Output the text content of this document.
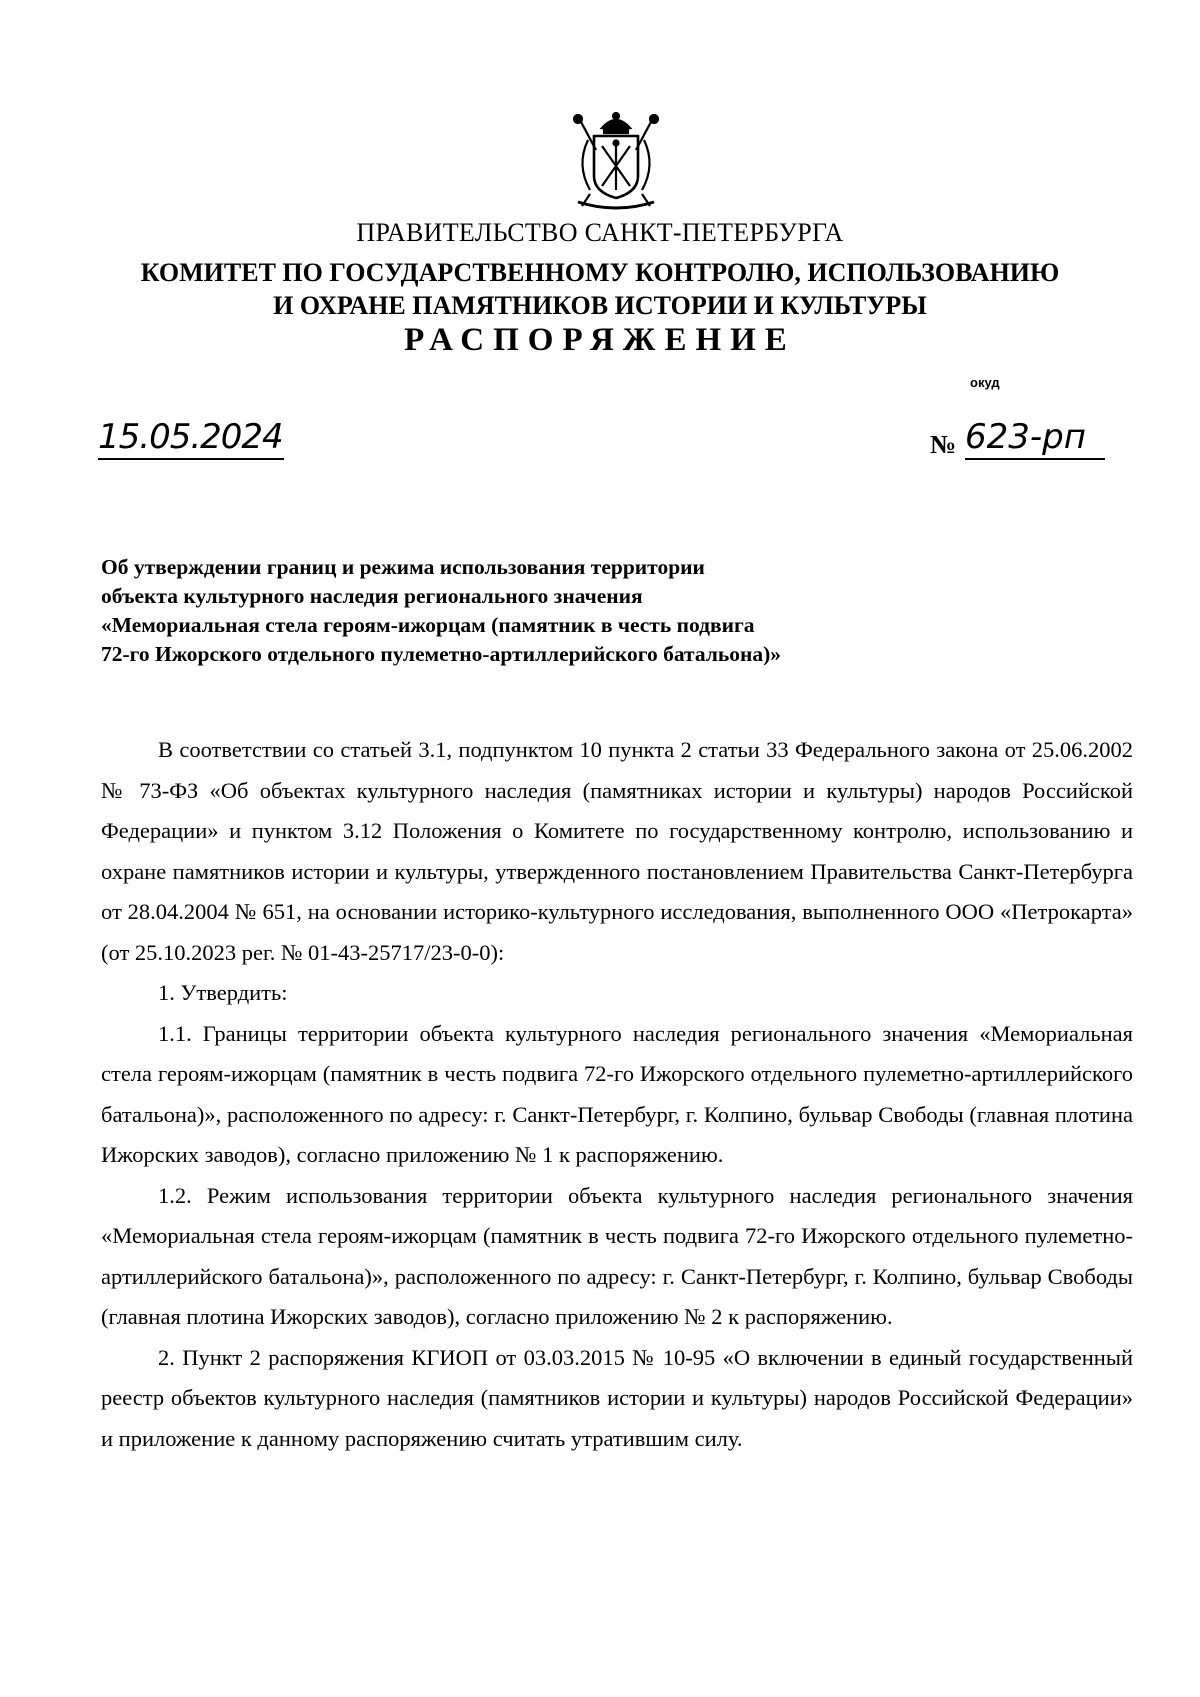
ПРАВИТЕЛЬСТВО САНКТ-ПЕТЕРБУРГА
КОМИТЕТ ПО ГОСУДАРСТВЕННОМУ КОНТРОЛЮ, ИСПОЛЬЗОВАНИЮ
И ОХРАНЕ ПАМЯТНИКОВ ИСТОРИИ И КУЛЬТУРЫ
РАСПОРЯЖЕНИЕ
окуд
15.05.2024	№ 623-рп
Об утверждении границ и режима использования территории
объекта культурного наследия регионального значения
«Мемориальная стела героям-ижорцам (памятник в честь подвига
72-го Ижорского отдельного пулеметно-артиллерийского батальона)»

В соответствии со статьей 3.1, подпунктом 10 пункта 2 статьи 33 Федерального закона от 25.06.2002 № 73-ФЗ «Об объектах культурного наследия (памятниках истории и культуры) народов Российской Федерации» и пунктом 3.12 Положения о Комитете по государственному контролю, использованию и охране памятников истории и культуры, утвержденного постановлением Правительства Санкт-Петербурга от 28.04.2004 № 651, на основании историко-культурного исследования, выполненного ООО «Петрокарта» (от 25.10.2023 рег. № 01-43-25717/23-0-0):

1. Утвердить:

1.1. Границы территории объекта культурного наследия регионального значения «Мемориальная стела героям-ижорцам (памятник в честь подвига 72-го Ижорского отдельного пулеметно-артиллерийского батальона)», расположенного по адресу: г. Санкт-Петербург, г. Колпино, бульвар Свободы (главная плотина Ижорских заводов), согласно приложению № 1 к распоряжению.

1.2. Режим использования территории объекта культурного наследия регионального значения «Мемориальная стела героям-ижорцам (памятник в честь подвига 72-го Ижорского отдельного пулеметно-артиллерийского батальона)», расположенного по адресу: г. Санкт-Петербург, г. Колпино, бульвар Свободы (главная плотина Ижорских заводов), согласно приложению № 2 к распоряжению.

2. Пункт 2 распоряжения КГИОП от 03.03.2015 № 10-95 «О включении в единый государственный реестр объектов культурного наследия (памятников истории и культуры) народов Российской Федерации» и приложение к данному распоряжению считать утратившим силу.
